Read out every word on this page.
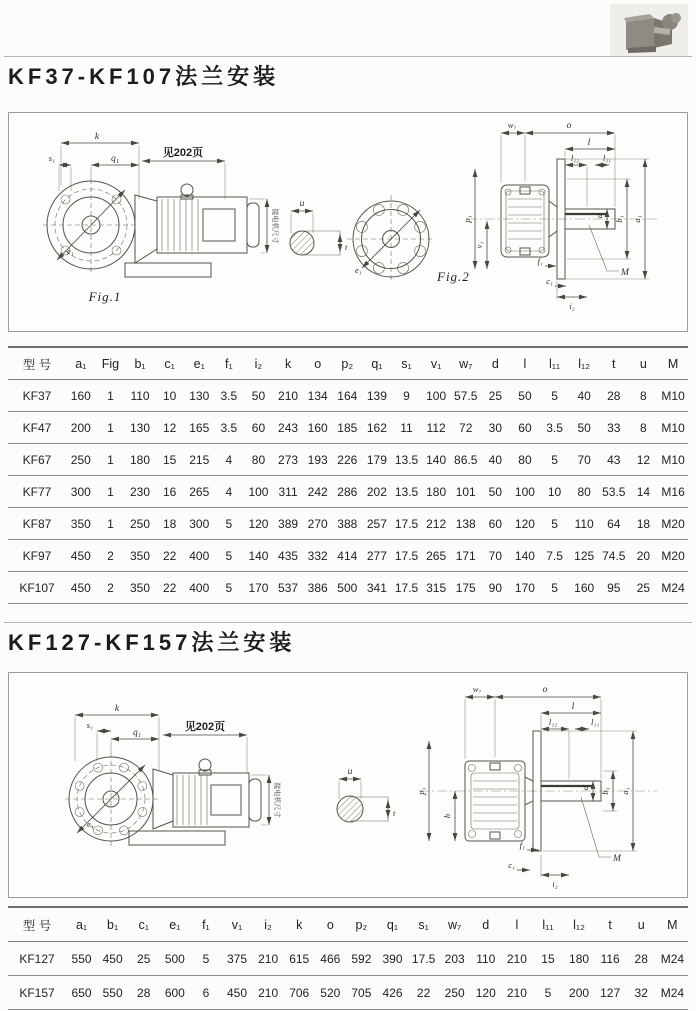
KF37-KF107法兰安装
k
s₁	q₁	见202页
e₁
接电机尺寸
Fig.1
u
t
e₁	Fig.2
p₁
v₁
w₇	o
l
l₁₂	l₁₁
d b₁ a₁
M
f₁
c₁
i₂
型 号	a₁	Fig	b₁	c₁	e₁	f₁	i₂	k	o	p₂	q₁	s₁	v₁	w₇	d	l	l₁₁	l₁₂	t	u	M
KF37	160	1	110	10	130	3.5	50	210	134	164	139	9	100	57.5	25	50	5	40	28	8	M10
KF47	200	1	130	12	165	3.5	60	243	160	185	162	11	112	72	30	60	3.5	50	33	8	M10
KF67	250	1	180	15	215	4	80	273	193	226	179	13.5	140	86.5	40	80	5	70	43	12	M10
KF77	300	1	230	16	265	4	100	311	242	286	202	13.5	180	101	50	100	10	80	53.5	14	M16
KF87	350	1	250	18	300	5	120	389	270	388	257	17.5	212	138	60	120	5	110	64	18	M20
KF97	450	2	350	22	400	5	140	435	332	414	277	17.5	265	171	70	140	7.5	125	74.5	20	M20
KF107	450	2	350	22	400	5	170	537	386	500	341	17.5	315	175	90	170	5	160	95	25	M24
KF127-KF157法兰安装
k
s₁
q₁	见202页
e₁
接电机尺寸
u
t
p₁
h
w₇	o
l
l₁₂	l₁₁
d b₁ a₁
M
f₁
c₁
i₂
型 号	a₁	b₁	c₁	e₁	f₁	v₁	i₂	k	o	p₂	q₁	s₁	w₇	d	l	l₁₁	l₁₂	t	u	M
KF127	550	450	25	500	5	375	210	615	466	592	390	17.5	203	110	210	15	180	116	28	M24
KF157	650	550	28	600	6	450	210	706	520	705	426	22	250	120	210	5	200	127	32	M24
